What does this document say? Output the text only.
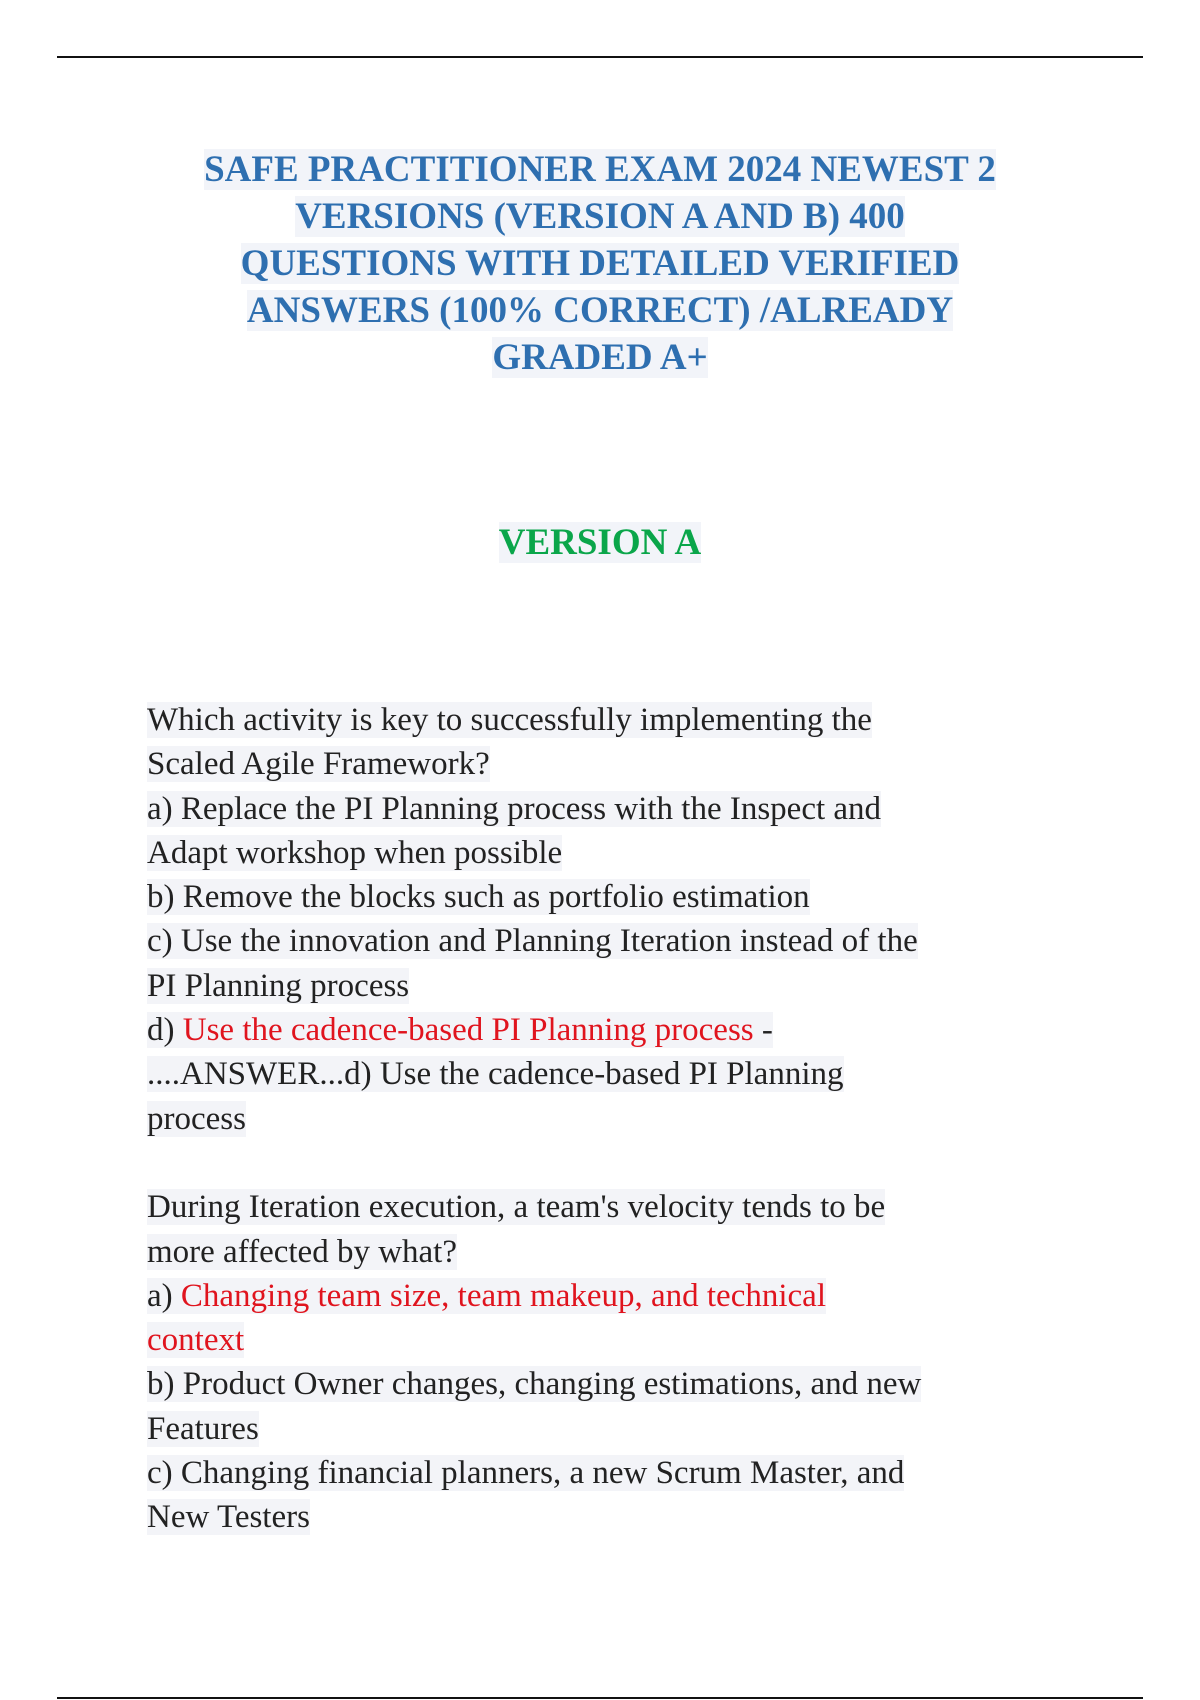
SAFE PRACTITIONER EXAM 2024 NEWEST 2
VERSIONS (VERSION A AND B) 400
QUESTIONS WITH DETAILED VERIFIED
ANSWERS (100% CORRECT) /ALREADY
GRADED A+
VERSION A
Which activity is key to successfully implementing the
Scaled Agile Framework?
a) Replace the PI Planning process with the Inspect and
Adapt workshop when possible
b) Remove the blocks such as portfolio estimation
c) Use the innovation and Planning Iteration instead of the
PI Planning process
d) Use the cadence-based PI Planning process -
....ANSWER...d) Use the cadence-based PI Planning
process
During Iteration execution, a team's velocity tends to be
more affected by what?
a) Changing team size, team makeup, and technical
context
b) Product Owner changes, changing estimations, and new
Features
c) Changing financial planners, a new Scrum Master, and
New Testers
